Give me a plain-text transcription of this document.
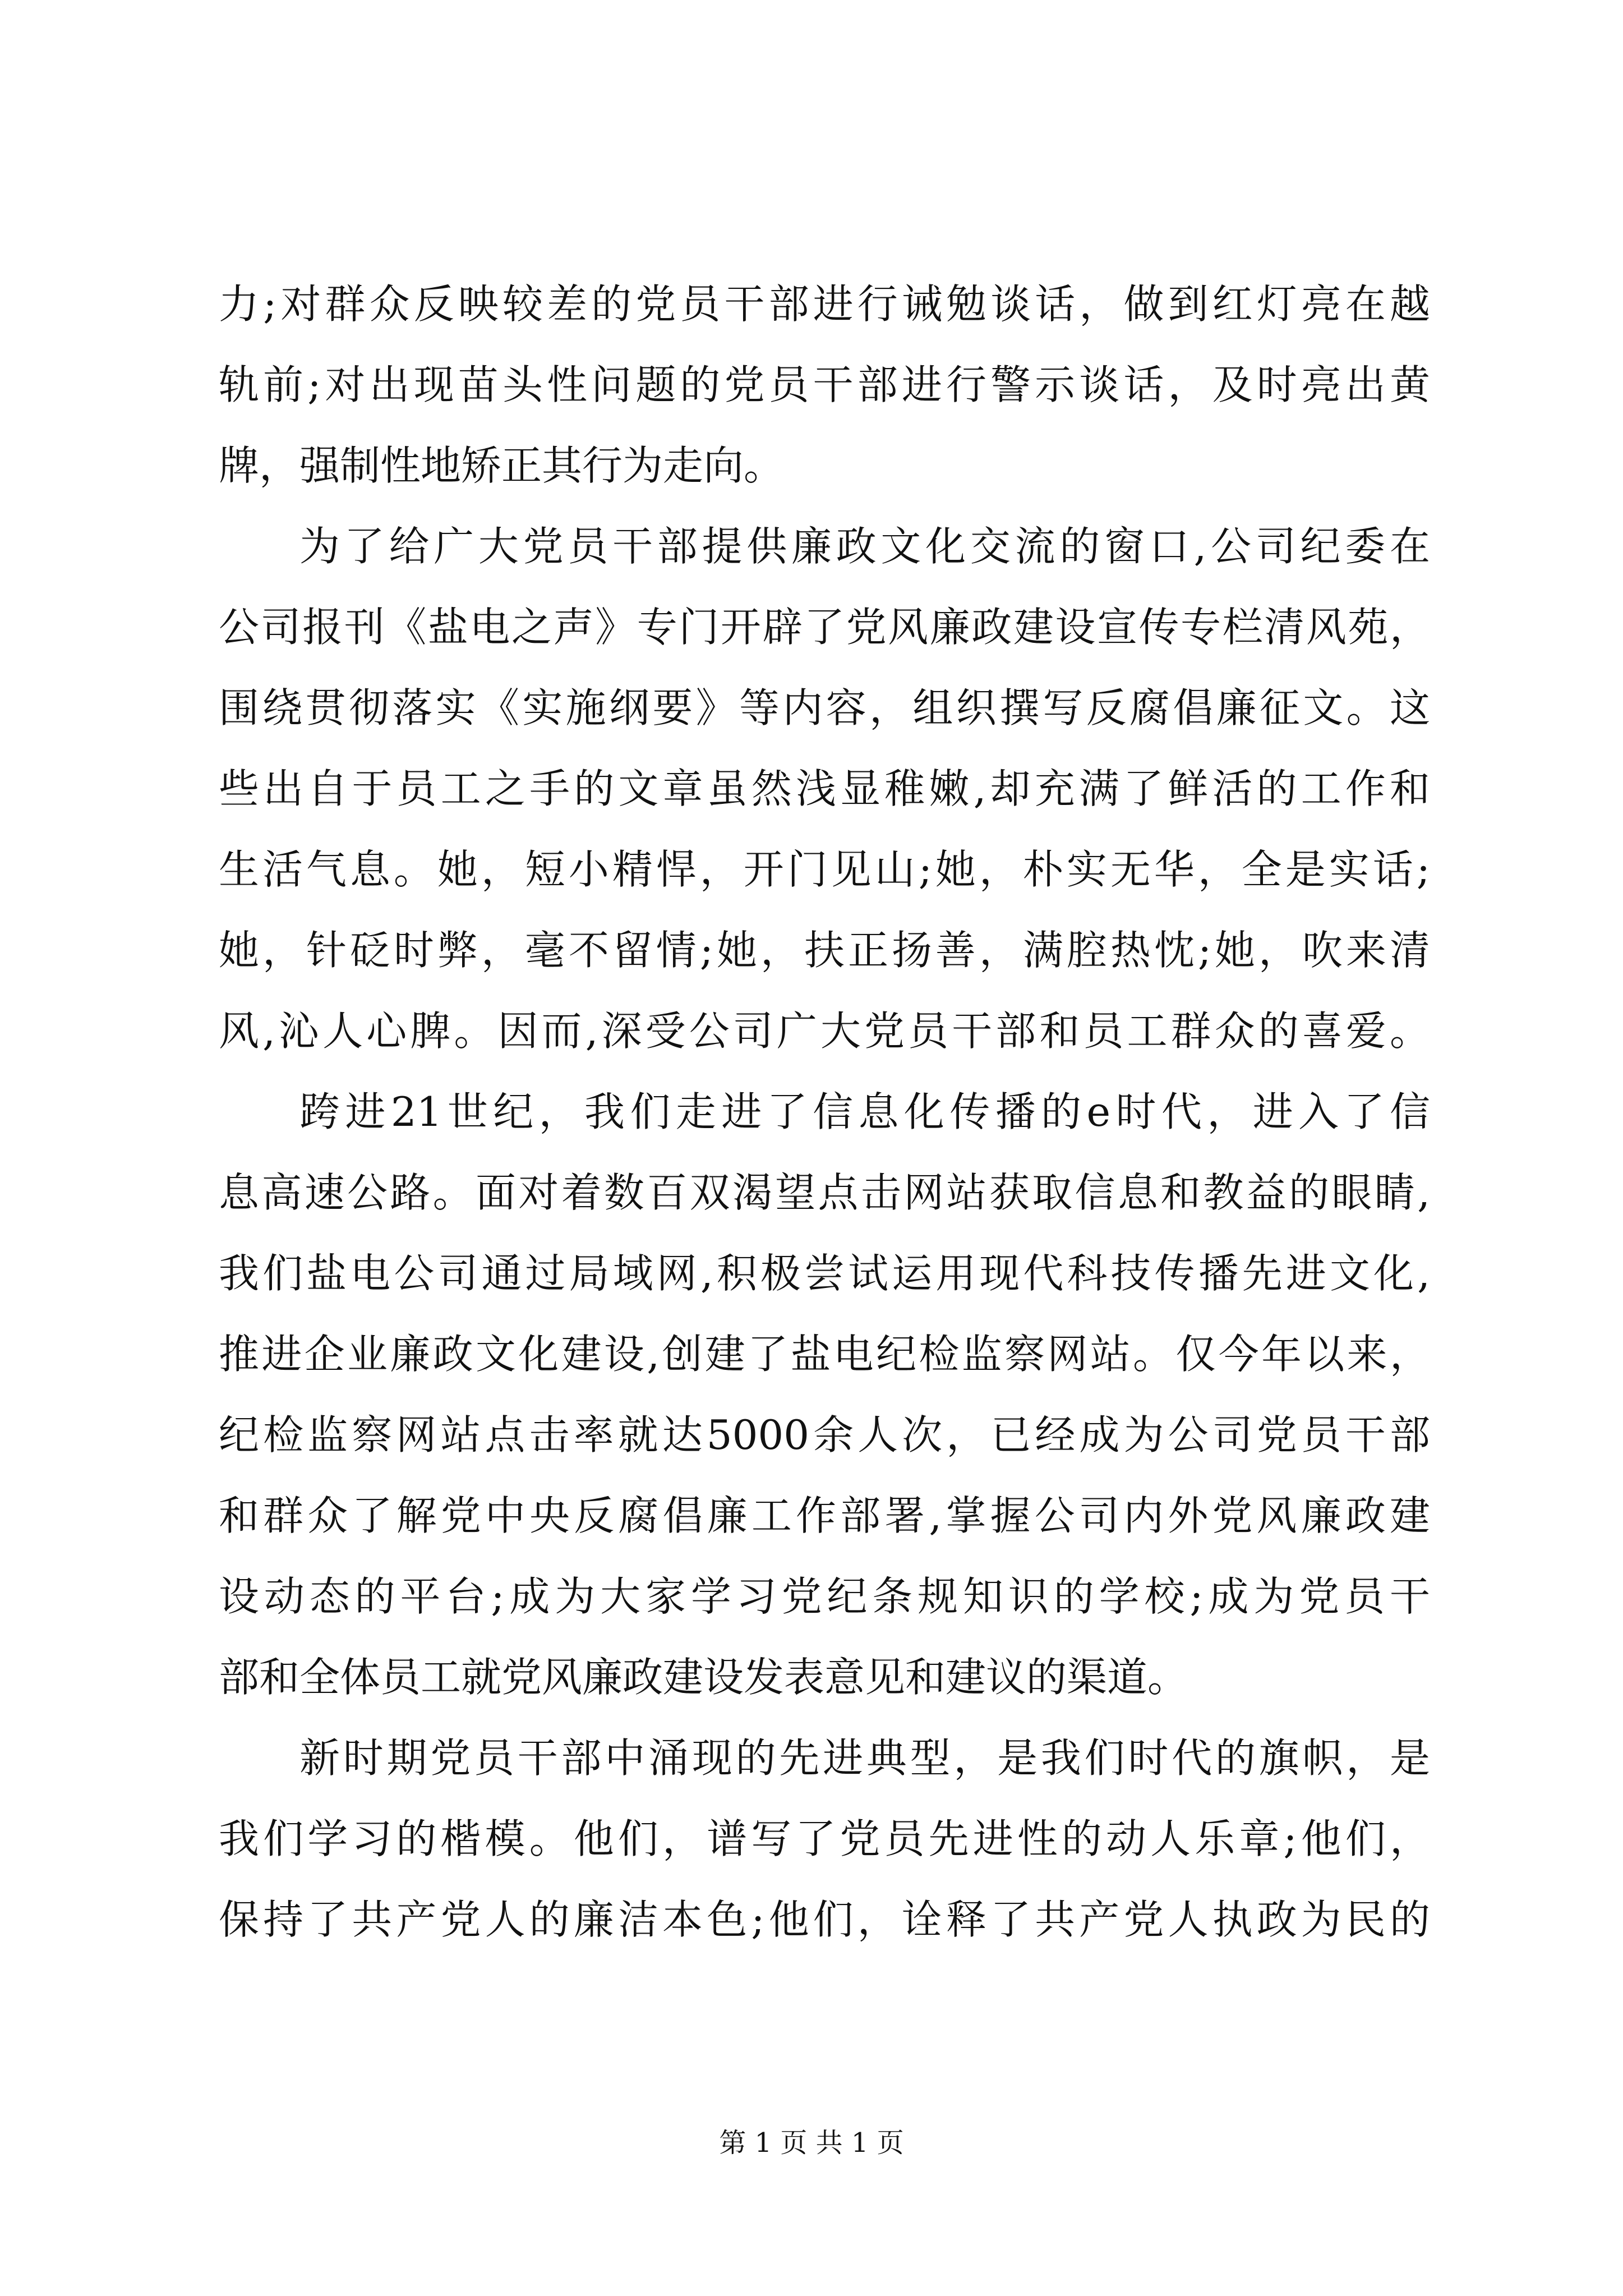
力;对群众反映较差的党员干部进行诫勉谈话，做到红灯亮在越
轨前;对出现苗头性问题的党员干部进行警示谈话，及时亮出黄
牌，强制性地矫正其行为走向。
为了给广大党员干部提供廉政文化交流的窗口,公司纪委在
公司报刊《盐电之声》专门开辟了党风廉政建设宣传专栏清风苑，
围绕贯彻落实《实施纲要》等内容，组织撰写反腐倡廉征文。这
些出自于员工之手的文章虽然浅显稚嫩,却充满了鲜活的工作和
生活气息。她，短小精悍，开门见山;她，朴实无华，全是实话;
她，针砭时弊，毫不留情;她，扶正扬善，满腔热忱;她，吹来清
风,沁人心脾。因而,深受公司广大党员干部和员工群众的喜爱。
跨进21世纪，我们走进了信息化传播的e时代，进入了信
息高速公路。面对着数百双渴望点击网站获取信息和教益的眼睛,
我们盐电公司通过局域网,积极尝试运用现代科技传播先进文化,
推进企业廉政文化建设,创建了盐电纪检监察网站。仅今年以来，
纪检监察网站点击率就达5000余人次，已经成为公司党员干部
和群众了解党中央反腐倡廉工作部署,掌握公司内外党风廉政建
设动态的平台;成为大家学习党纪条规知识的学校;成为党员干
部和全体员工就党风廉政建设发表意见和建议的渠道。
新时期党员干部中涌现的先进典型，是我们时代的旗帜，是
我们学习的楷模。他们，谱写了党员先进性的动人乐章;他们，
保持了共产党人的廉洁本色;他们，诠释了共产党人执政为民的
第 1 页 共 1 页
